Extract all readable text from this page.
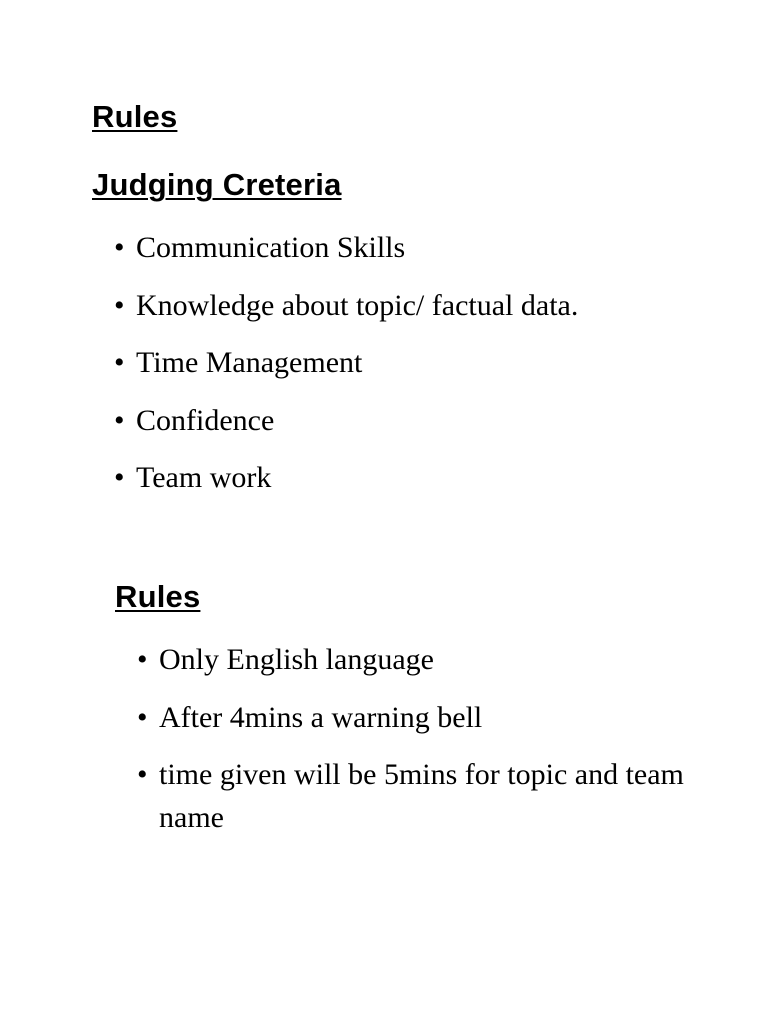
Rules
Judging Creteria
• Communication Skills
• Knowledge about topic/ factual data.
• Time Management
• Confidence
• Team work
Rules
• Only English language
• After 4mins a warning bell
• time given will be 5mins for topic and team name
